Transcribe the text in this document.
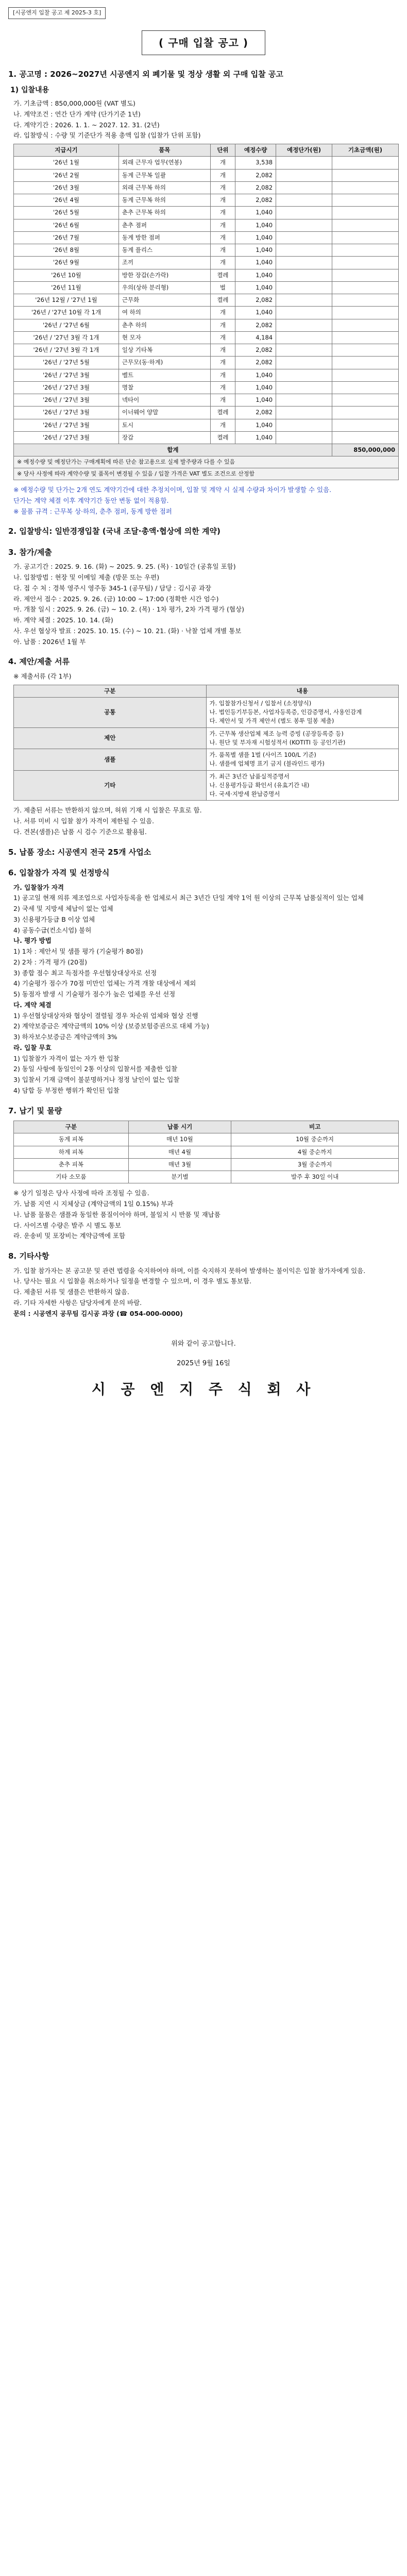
[시공엔지 입찰 공고 제 2025-3 호]
( 구매 입찰 공고 )
1. 공고명 : 2026~2027년 시공엔지 외 폐기물 및 정상 생활 외 구매 입찰 공고
1) 입찰내용
가. 기초금액 : 850,000,000원 (VAT 별도)
나. 계약조건 : 연간 단가 계약 (단가기준 1년)
다. 계약기간 : 2026. 1. 1. ~ 2027. 12. 31. (2년)
라. 입찰방식 : 수량 및 기준단가 적용 총액 입찰 (입찰가 단위 포함)
지급시기	품목	단위	예정수량	예정단가(원)	기초금액(원)
'26년 1월	외래 근무자 업무(연봉)	개	3,538		
'26년 2월	동계 근무복 일괄	개	2,082		
'26년 3월	외래 근무복 하의	개	2,082		
'26년 4월	동계 근무복 하의	개	2,082		
'26년 5월	춘추 근무복 하의	개	1,040		
'26년 6월	춘추 점퍼	개	1,040		
'26년 7월	동계 방한 점퍼	개	1,040		
'26년 8월	동계 플리스	개	1,040		
'26년 9월	조끼	개	1,040		
'26년 10월	방한 장갑(손가락)	켤레	1,040		
'26년 11월	우의(상하 분리형)	벌	1,040		
'26년 12월 / '27년 1월	근무화	켤레	2,082		
'26년 / '27년 10월 각 1개	여 하의	개	1,040		
'26년 / '27년 6월	춘추 하의	개	2,082		
'26년 / '27년 3월 각 1개	현 모자	개	4,184		
'26년 / '27년 3월 각 1개	일상 기타복	개	2,082		
'26년 / '27년 5월	근무모(동·하계)	개	2,082		
'26년 / '27년 3월	벨트	개	1,040		
'26년 / '27년 3월	명찰	개	1,040		
'26년 / '27년 3월	넥타이	개	1,040		
'26년 / '27년 3월	이너웨어 양말	켤레	2,082		
'26년 / '27년 3월	토시	개	1,040		
'26년 / '27년 3월	장갑	켤레	1,040		
합계					850,000,000
※ 예정수량 및 예정단가는 구매계획에 따른 단순 참고용으로 실제 발주량과 다를 수 있음					
※ 당사 사정에 따라 계약수량 및 품목이 변경될 수 있음 / 입찰 가격은 VAT 별도 조건으로 산정함					
※ 예정수량 및 단가는 2개 연도 계약기간에 대한 추정치이며, 입찰 및 계약 시 실제 수량과 차이가 발생할 수 있음.
단가는 계약 체결 이후 계약기간 동안 변동 없이 적용함.
※ 물품 규격 : 근무복 상·하의, 춘추 점퍼, 동계 방한 점퍼
2. 입찰방식: 일반경쟁입찰 (국내 조달·총액·협상에 의한 계약)
3. 참가/제출
가. 공고기간 : 2025. 9. 16. (화) ~ 2025. 9. 25. (목) · 10일간 (공휴일 포함)
나. 입찰방법 : 현장 및 이메일 제출 (방문 또는 우편)
다. 접 수 처 : 경북 영주시 영주동 345-1 (공무팀) / 담당 : 김시공 과장
라. 제안서 접수 : 2025. 9. 26. (금) 10:00 ~ 17:00 (정확한 시간 엄수)
마. 개찰 일시 : 2025. 9. 26. (금) ~ 10. 2. (목) · 1차 평가, 2차 가격 평가 (협상)
바. 계약 체결 : 2025. 10. 14. (화)
사. 우선 협상자 발표 : 2025. 10. 15. (수) ~ 10. 21. (화) · 낙찰 업체 개별 통보
아. 납품 : 2026년 1월 부
4. 제안/제출 서류
※ 제출서류 (각 1부)
구분	내용
공통	가. 입찰참가신청서 / 입찰서 (소정양식)
나. 법인등기부등본, 사업자등록증, 인감증명서, 사용인감계
다. 제안서 및 가격 제안서 (별도 봉투 밀봉 제출)
제안	가. 근무복 생산업체 제조 능력 증빙 (공장등록증 등)
나. 원단 및 부자재 시험성적서 (KOTITI 등 공인기관)
샘플	가. 품목별 샘플 1벌 (사이즈 100/L 기준)
나. 샘플에 업체명 표기 금지 (블라인드 평가)
기타	가. 최근 3년간 납품실적증명서
나. 신용평가등급 확인서 (유효기간 내)
다. 국세·지방세 완납증명서
가. 제출된 서류는 반환하지 않으며, 허위 기재 시 입찰은 무효로 함.
나. 서류 미비 시 입찰 참가 자격이 제한될 수 있음.
다. 견본(샘플)은 납품 시 검수 기준으로 활용됨.
5. 납품 장소: 시공엔지 전국 25개 사업소
6. 입찰참가 자격 및 선정방식
가. 입찰참가 자격
1) 공고일 현재 의류 제조업으로 사업자등록을 한 업체로서 최근 3년간 단일 계약 1억 원 이상의 근무복 납품실적이 있는 업체
2) 국세 및 지방세 체납이 없는 업체
3) 신용평가등급 B 이상 업체
4) 공동수급(컨소시엄) 불허
나. 평가 방법
1) 1차 : 제안서 및 샘플 평가 (기술평가 80점)
2) 2차 : 가격 평가 (20점)
3) 종합 점수 최고 득점자를 우선협상대상자로 선정
4) 기술평가 점수가 70점 미만인 업체는 가격 개찰 대상에서 제외
5) 동점자 발생 시 기술평가 점수가 높은 업체를 우선 선정
다. 계약 체결
1) 우선협상대상자와 협상이 결렬될 경우 차순위 업체와 협상 진행
2) 계약보증금은 계약금액의 10% 이상 (보증보험증권으로 대체 가능)
3) 하자보수보증금은 계약금액의 3%
라. 입찰 무효
1) 입찰참가 자격이 없는 자가 한 입찰
2) 동일 사항에 동일인이 2통 이상의 입찰서를 제출한 입찰
3) 입찰서 기재 금액이 불분명하거나 정정 날인이 없는 입찰
4) 담합 등 부정한 행위가 확인된 입찰
7. 납기 및 물량
구분	납품 시기	비고
동계 피복	매년 10월	10월 중순까지
하계 피복	매년 4월	4월 중순까지
춘추 피복	매년 3월	3월 중순까지
기타 소모품	분기별	발주 후 30일 이내
※ 상기 일정은 당사 사정에 따라 조정될 수 있음.
가. 납품 지연 시 지체상금 (계약금액의 1일 0.15%) 부과
나. 납품 물품은 샘플과 동일한 품질이어야 하며, 불일치 시 반품 및 재납품
다. 사이즈별 수량은 발주 시 별도 통보
라. 운송비 및 포장비는 계약금액에 포함
8. 기타사항
가. 입찰 참가자는 본 공고문 및 관련 법령을 숙지하여야 하며, 이를 숙지하지 못하여 발생하는 불이익은 입찰 참가자에게 있음.
나. 당사는 필요 시 입찰을 취소하거나 일정을 변경할 수 있으며, 이 경우 별도 통보함.
다. 제출된 서류 및 샘플은 반환하지 않음.
라. 기타 자세한 사항은 담당자에게 문의 바람.
문의 : 시공엔지 공무팀 김시공 과장 (☎ 054-000-0000)
위와 같이 공고합니다.
2025년 9월 16일
시 공 엔 지 주 식 회 사
